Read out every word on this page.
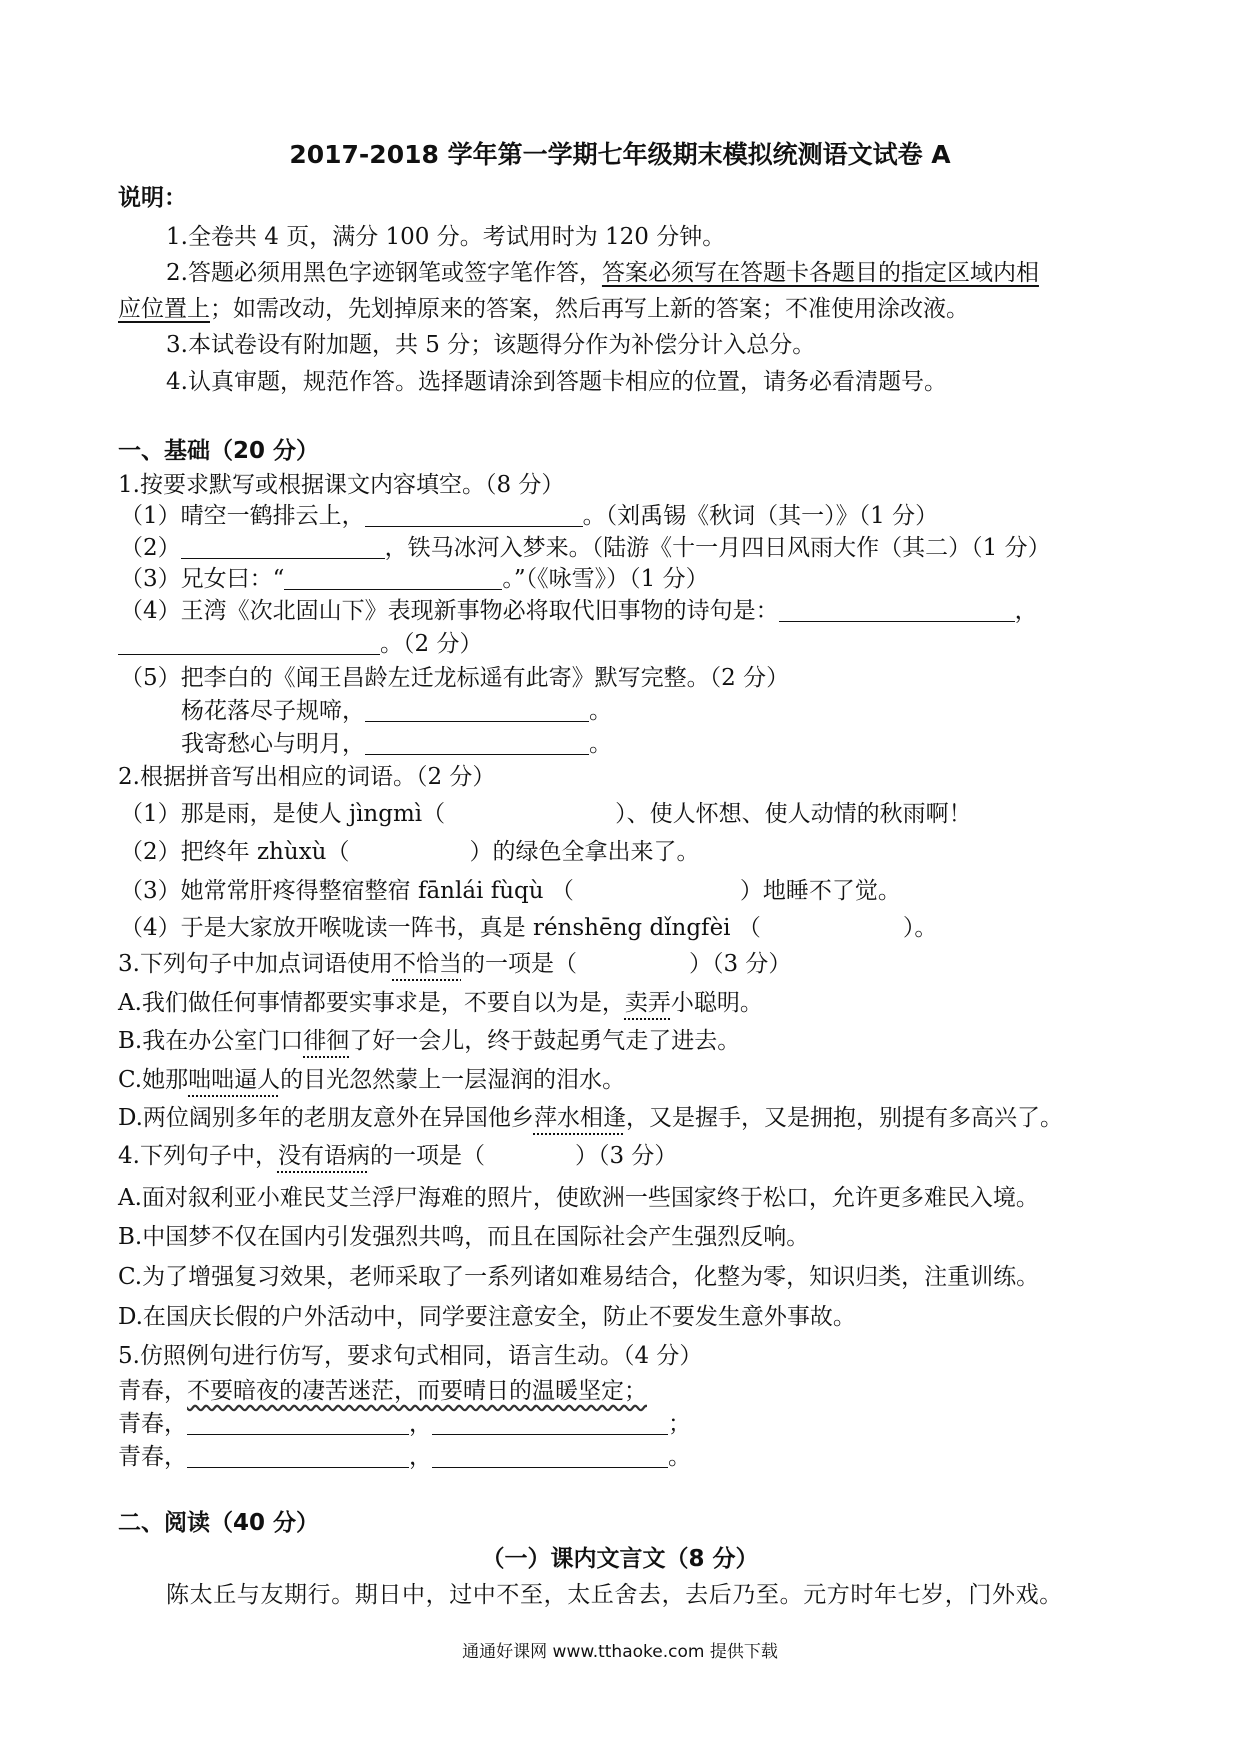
2017-2018 学年第一学期七年级期末模拟统测语文试卷 A
说明：
1.全卷共 4 页，满分 100 分。考试用时为 120 分钟。
2.答题必须用黑色字迹钢笔或签字笔作答，答案必须写在答题卡各题目的指定区域内相
应位置上；如需改动，先划掉原来的答案，然后再写上新的答案；不准使用涂改液。
3.本试卷设有附加题，共 5 分；该题得分作为补偿分计入总分。
4.认真审题，规范作答。选择题请涂到答题卡相应的位置，请务必看清题号。
一、基础（20 分）
1.按要求默写或根据课文内容填空。（8 分）
（1）晴空一鹤排云上，	。（刘禹锡《秋词（其一）》（1 分）
（2）	，铁马冰河入梦来。（陆游《十一月四日风雨大作（其二）（1 分）
（3）兄女曰：“	。”（《咏雪》）（1 分）
（4）王湾《次北固山下》表现新事物必将取代旧事物的诗句是：	，
。（2 分）
（5）把李白的《闻王昌龄左迁龙标遥有此寄》默写完整。（2 分）
杨花落尽子规啼，	。
我寄愁心与明月，	。
2.根据拼音写出相应的词语。（2 分）
（1）那是雨，是使人 jìngmì（	）、使人怀想、使人动情的秋雨啊！
（2）把终年 zhùxù（	）的绿色全拿出来了。
（3）她常常肝疼得整宿整宿 fānlái fùqù （	）地睡不了觉。
（4）于是大家放开喉咙读一阵书，真是 rénshēng dǐngfèi （	）。
3.下列句子中加点词语使用不恰当的一项是（	）（3 分）
A.我们做任何事情都要实事求是，不要自以为是，卖弄小聪明。
B.我在办公室门口徘徊了好一会儿，终于鼓起勇气走了进去。
C.她那咄咄逼人的目光忽然蒙上一层湿润的泪水。
D.两位阔别多年的老朋友意外在异国他乡萍水相逢，又是握手，又是拥抱，别提有多高兴了。
4.下列句子中，没有语病的一项是（	）（3 分）
A.面对叙利亚小难民艾兰浮尸海难的照片，使欧洲一些国家终于松口，允许更多难民入境。
B.中国梦不仅在国内引发强烈共鸣，而且在国际社会产生强烈反响。
C.为了增强复习效果，老师采取了一系列诸如难易结合，化整为零，知识归类，注重训练。
D.在国庆长假的户外活动中，同学要注意安全，防止不要发生意外事故。
5.仿照例句进行仿写，要求句式相同，语言生动。（4 分）
青春，不要暗夜的凄苦迷茫，而要晴日的温暖坚定；
青春，	，	；
青春，	，	。
二、阅读（40 分）
（一）课内文言文（8 分）
陈太丘与友期行。期日中，过中不至，太丘舍去，去后乃至。元方时年七岁，门外戏。
通通好课网 www.tthaoke.com 提供下载
